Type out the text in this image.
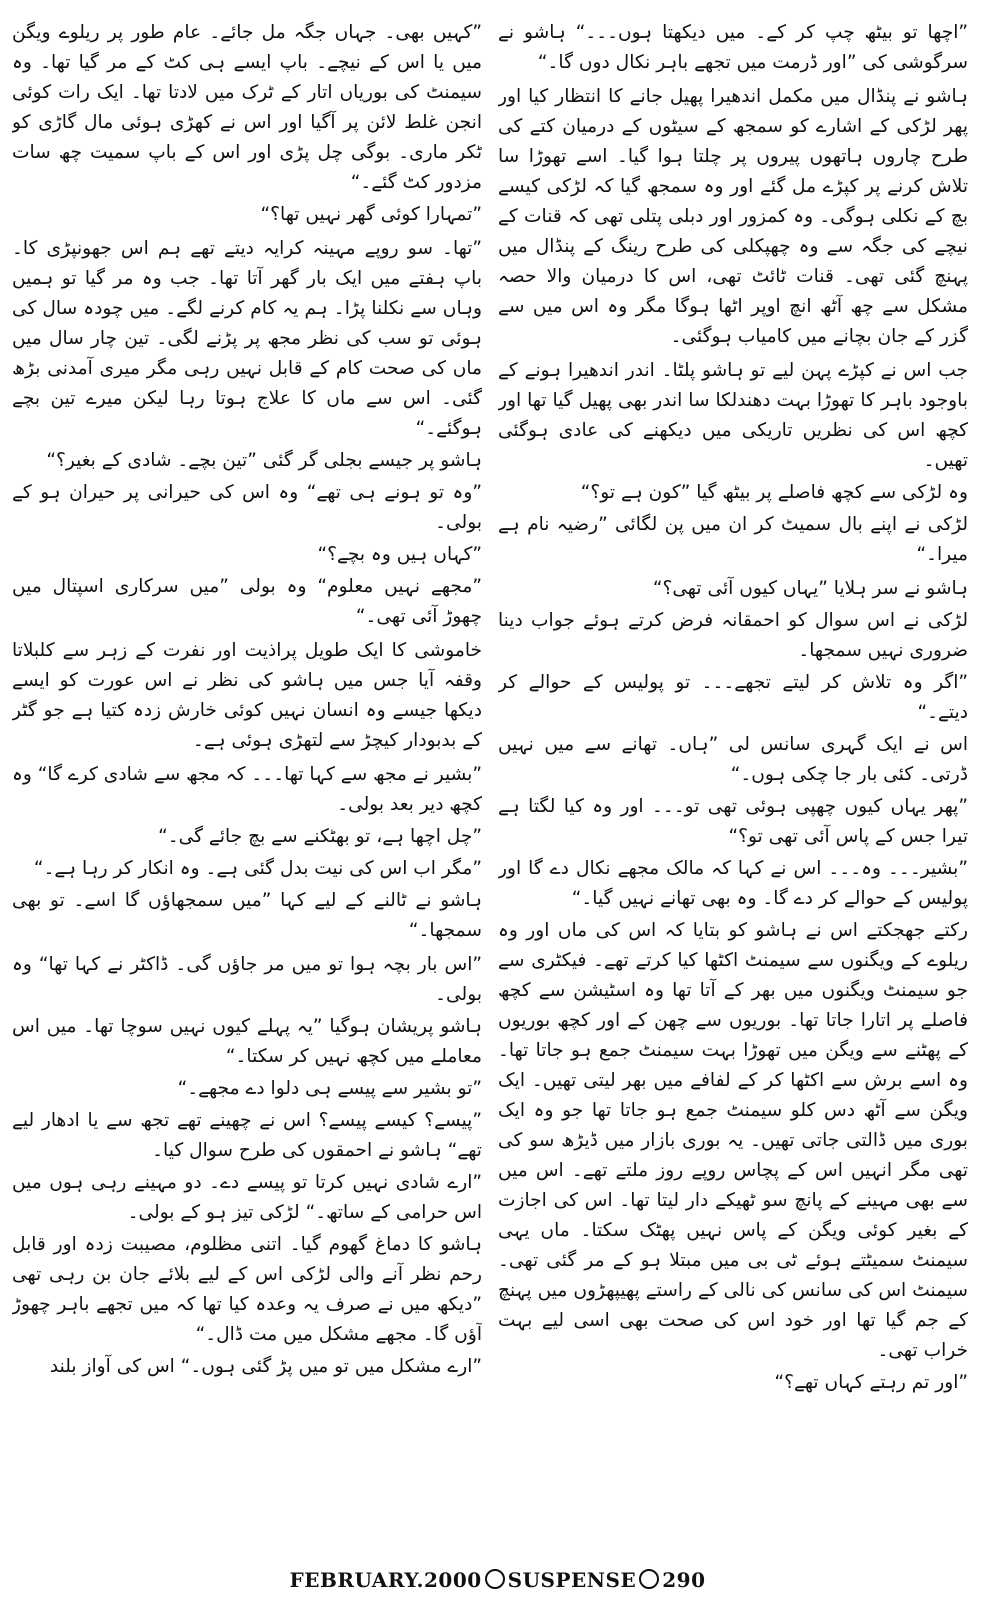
”اچھا تو بیٹھ چپ کر کے۔ میں دیکھتا ہوں۔۔۔“ ہاشو نے سرگوشی کی ”اور ڈرمت میں تجھے باہر نکال دوں گا۔“

ہاشو نے پنڈال میں مکمل اندھیرا پھیل جانے کا انتظار کیا اور پھر لڑکی کے اشارے کو سمجھ کے سیٹوں کے درمیان کتے کی طرح چاروں ہاتھوں پیروں پر چلتا ہوا گیا۔ اسے تھوڑا سا تلاش کرنے پر کپڑے مل گئے اور وہ سمجھ گیا کہ لڑکی کیسے بچ کے نکلی ہوگی۔ وہ کمزور اور دبلی پتلی تھی کہ قنات کے نیچے کی جگہ سے وہ چھپکلی کی طرح رینگ کے پنڈال میں پہنچ گئی تھی۔ قنات ٹائٹ تھی، اس کا درمیان والا حصہ مشکل سے چھ آٹھ انچ اوپر اٹھا ہوگا مگر وہ اس میں سے گزر کے جان بچانے میں کامیاب ہوگئی۔

جب اس نے کپڑے پہن لیے تو ہاشو پلٹا۔ اندر اندھیرا ہونے کے باوجود باہر کا تھوڑا بہت دھندلکا سا اندر بھی پھیل گیا تھا اور کچھ اس کی نظریں تاریکی میں دیکھنے کی عادی ہوگئی تھیں۔

وہ لڑکی سے کچھ فاصلے پر بیٹھ گیا ”کون ہے تو؟“

لڑکی نے اپنے بال سمیٹ کر ان میں پن لگائی ”رضیہ نام ہے میرا۔“

ہاشو نے سر ہلایا ”یہاں کیوں آئی تھی؟“

لڑکی نے اس سوال کو احمقانہ فرض کرتے ہوئے جواب دینا ضروری نہیں سمجھا۔

”اگر وہ تلاش کر لیتے تجھے۔۔۔ تو پولیس کے حوالے کر دیتے۔“

اس نے ایک گہری سانس لی ”ہاں۔ تھانے سے میں نہیں ڈرتی۔ کئی بار جا چکی ہوں۔“

”پھر یہاں کیوں چھپی ہوئی تھی تو۔۔۔ اور وہ کیا لگتا ہے تیرا جس کے پاس آئی تھی تو؟“

”بشیر۔۔۔ وہ۔۔۔ اس نے کہا کہ مالک مجھے نکال دے گا اور پولیس کے حوالے کر دے گا۔ وہ بھی تھانے نہیں گیا۔“

رکتے جھجکتے اس نے ہاشو کو بتایا کہ اس کی ماں اور وہ ریلوے کے ویگنوں سے سیمنٹ اکٹھا کیا کرتے تھے۔ فیکٹری سے جو سیمنٹ ویگنوں میں بھر کے آتا تھا وہ اسٹیشن سے کچھ فاصلے پر اتارا جاتا تھا۔ بوریوں سے چھن کے اور کچھ بوریوں کے پھٹنے سے ویگن میں تھوڑا بہت سیمنٹ جمع ہو جاتا تھا۔ وہ اسے برش سے اکٹھا کر کے لفافے میں بھر لیتی تھیں۔ ایک ویگن سے آٹھ دس کلو سیمنٹ جمع ہو جاتا تھا جو وہ ایک بوری میں ڈالتی جاتی تھیں۔ یہ بوری بازار میں ڈیڑھ سو کی تھی مگر انہیں اس کے پچاس روپے روز ملتے تھے۔ اس میں سے بھی مہینے کے پانچ سو ٹھیکے دار لیتا تھا۔ اس کی اجازت کے بغیر کوئی ویگن کے پاس نہیں پھٹک سکتا۔ ماں یہی سیمنٹ سمیٹتے ہوئے ٹی بی میں مبتلا ہو کے مر گئی تھی۔ سیمنٹ اس کی سانس کی نالی کے راستے پھیپھڑوں میں پہنچ کے جم گیا تھا اور خود اس کی صحت بھی اسی لیے بہت خراب تھی۔

”اور تم رہتے کہاں تھے؟“

”کہیں بھی۔ جہاں جگہ مل جائے۔ عام طور پر ریلوے ویگن میں یا اس کے نیچے۔ باپ ایسے ہی کٹ کے مر گیا تھا۔ وہ سیمنٹ کی بوریاں اتار کے ٹرک میں لادتا تھا۔ ایک رات کوئی انجن غلط لائن پر آگیا اور اس نے کھڑی ہوئی مال گاڑی کو ٹکر ماری۔ بوگی چل پڑی اور اس کے باپ سمیت چھ سات مزدور کٹ گئے۔“

”تمہارا کوئی گھر نہیں تھا؟“

”تھا۔ سو روپے مہینہ کرایہ دیتے تھے ہم اس جھونپڑی کا۔ باپ ہفتے میں ایک بار گھر آتا تھا۔ جب وہ مر گیا تو ہمیں وہاں سے نکلنا پڑا۔ ہم یہ کام کرنے لگے۔ میں چودہ سال کی ہوئی تو سب کی نظر مجھ پر پڑنے لگی۔ تین چار سال میں ماں کی صحت کام کے قابل نہیں رہی مگر میری آمدنی بڑھ گئی۔ اس سے ماں کا علاج ہوتا رہا لیکن میرے تین بچے ہوگئے۔“

ہاشو پر جیسے بجلی گر گئی ”تین بچے۔ شادی کے بغیر؟“

”وہ تو ہونے ہی تھے“ وہ اس کی حیرانی پر حیران ہو کے بولی۔

”کہاں ہیں وہ بچے؟“

”مجھے نہیں معلوم“ وہ بولی ”میں سرکاری اسپتال میں چھوڑ آئی تھی۔“

خاموشی کا ایک طویل پراذیت اور نفرت کے زہر سے کلبلاتا وقفہ آیا جس میں ہاشو کی نظر نے اس عورت کو ایسے دیکھا جیسے وہ انسان نہیں کوئی خارش زدہ کتیا ہے جو گٹر کے بدبودار کیچڑ سے لتھڑی ہوئی ہے۔

”بشیر نے مجھ سے کہا تھا۔۔۔ کہ مجھ سے شادی کرے گا“ وہ کچھ دیر بعد بولی۔

”چل اچھا ہے، تو بھٹکنے سے بچ جائے گی۔“

”مگر اب اس کی نیت بدل گئی ہے۔ وہ انکار کر رہا ہے۔“

ہاشو نے ٹالنے کے لیے کہا ”میں سمجھاؤں گا اسے۔ تو بھی سمجھا۔“

”اس بار بچہ ہوا تو میں مر جاؤں گی۔ ڈاکٹر نے کہا تھا“ وہ بولی۔

ہاشو پریشان ہوگیا ”یہ پہلے کیوں نہیں سوچا تھا۔ میں اس معاملے میں کچھ نہیں کر سکتا۔“

”تو بشیر سے پیسے ہی دلوا دے مجھے۔“

”پیسے؟ کیسے پیسے؟ اس نے چھینے تھے تجھ سے یا ادھار لیے تھے“ ہاشو نے احمقوں کی طرح سوال کیا۔

”ارے شادی نہیں کرتا تو پیسے دے۔ دو مہینے رہی ہوں میں اس حرامی کے ساتھ۔“ لڑکی تیز ہو کے بولی۔

ہاشو کا دماغ گھوم گیا۔ اتنی مظلوم، مصیبت زدہ اور قابل رحم نظر آنے والی لڑکی اس کے لیے بلائے جان بن رہی تھی ”دیکھ میں نے صرف یہ وعدہ کیا تھا کہ میں تجھے باہر چھوڑ آؤں گا۔ مجھے مشکل میں مت ڈال۔“

”ارے مشکل میں تو میں پڑ گئی ہوں۔“ اس کی آواز بلند

FEBRUARY.2000 SUSPENSE 290
